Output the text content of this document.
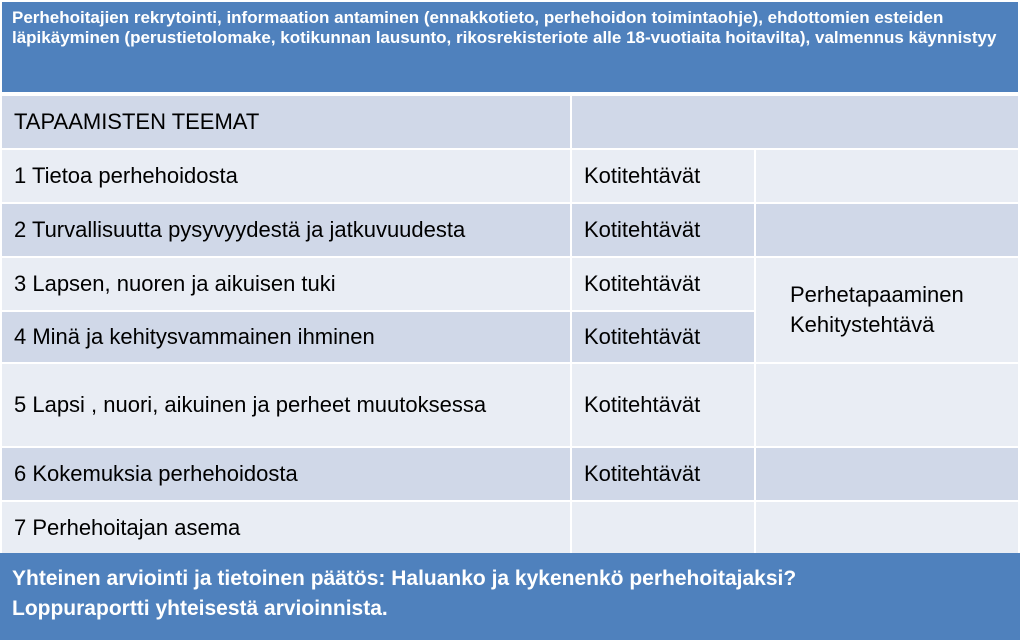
Perhehoitajien rekrytointi, informaation antaminen (ennakkotieto, perhehoidon toimintaohje), ehdottomien esteiden läpikäyminen (perustietolomake, kotikunnan lausunto, rikosrekisteriote alle 18-vuotiaita hoitavilta), valmennus käynnistyy
TAPAAMISTEN TEEMAT
1 Tietoa perhehoidosta	Kotitehtävät
2 Turvallisuutta pysyvyydestä ja jatkuvuudesta	Kotitehtävät
3 Lapsen, nuoren ja aikuisen tuki	Kotitehtävät
4 Minä ja kehitysvammainen ihminen	Kotitehtävät
Perhetapaaminen
Kehitystehtävä
5 Lapsi , nuori, aikuinen ja perheet muutoksessa	Kotitehtävät
6 Kokemuksia perhehoidosta	Kotitehtävät
7 Perhehoitajan asema
Yhteinen arviointi ja tietoinen päätös: Haluanko ja kykenenkö perhehoitajaksi?
Loppuraportti yhteisestä arvioinnista.
